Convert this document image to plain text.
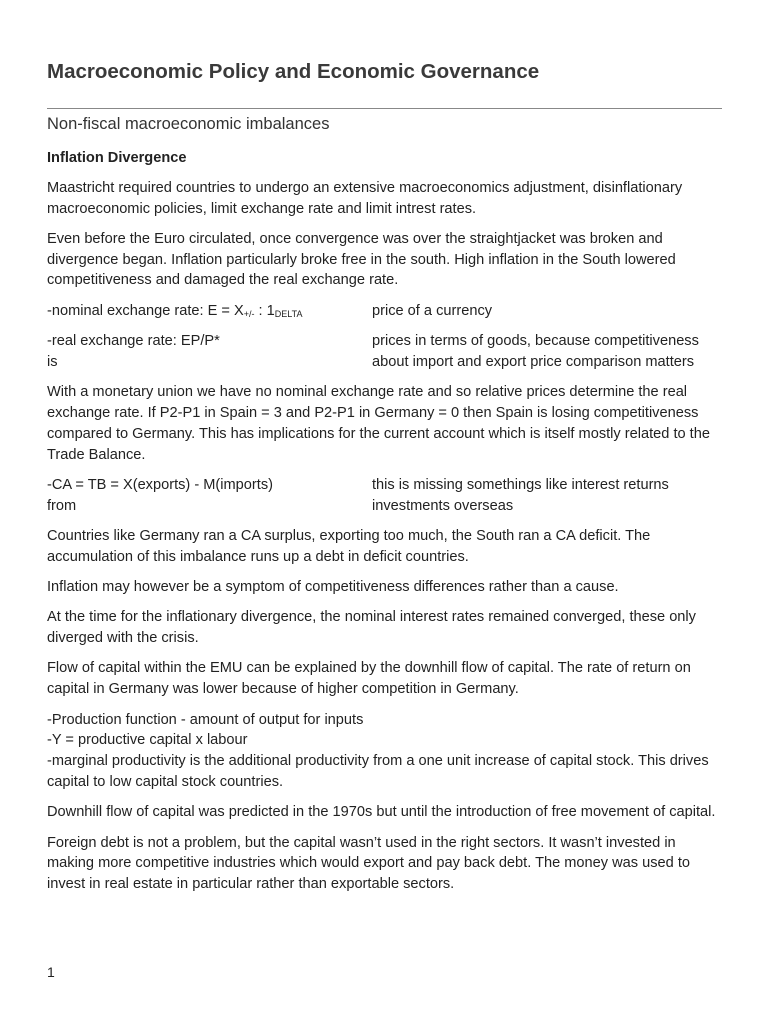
Macroeconomic Policy and Economic Governance
Non-fiscal macroeconomic imbalances
Inflation Divergence

Maastricht required countries to undergo an extensive macroeconomics adjustment, disinflationary macroeconomic policies, limit exchange rate and limit intrest rates.

Even before the Euro circulated, once convergence was over the straightjacket was broken and divergence began. Inflation particularly broke free in the south. High inflation in the South lowered competitiveness and damaged the real exchange rate.

-nominal exchange rate: $E = X_{+/-}$ : $1_{DELTA}$	price of a currency
-real exchange rate: EP/P*	prices in terms of goods, because competitiveness
is	about import and export price comparison matters

With a monetary union we have no nominal exchange rate and so relative prices determine the real exchange rate. If P2-P1 in Spain = 3 and P2-P1 in Germany = 0 then Spain is losing competitiveness compared to Germany. This has implications for the current account which is itself mostly related to the Trade Balance.

-CA = TB = X(exports) - M(imports)	this is missing somethings like interest returns
from	investments overseas

Countries like Germany ran a CA surplus, exporting too much, the South ran a CA deficit. The accumulation of this imbalance runs up a debt in deficit countries.

Inflation may however be a symptom of competitiveness differences rather than a cause.

At the time for the inflationary divergence, the nominal interest rates remained converged, these only diverged with the crisis.

Flow of capital within the EMU can be explained by the downhill flow of capital. The rate of return on capital in Germany was lower because of higher competition in Germany.

-Production function - amount of output for inputs
-Y = productive capital x labour
-marginal productivity is the additional productivity from a one unit increase of capital stock. This drives capital to low capital stock countries.

Downhill flow of capital was predicted in the 1970s but until the introduction of free movement of capital.

Foreign debt is not a problem, but the capital wasn’t used in the right sectors. It wasn’t invested in making more competitive industries which would export and pay back debt. The money was used to invest in real estate in particular rather than exportable sectors.

1
